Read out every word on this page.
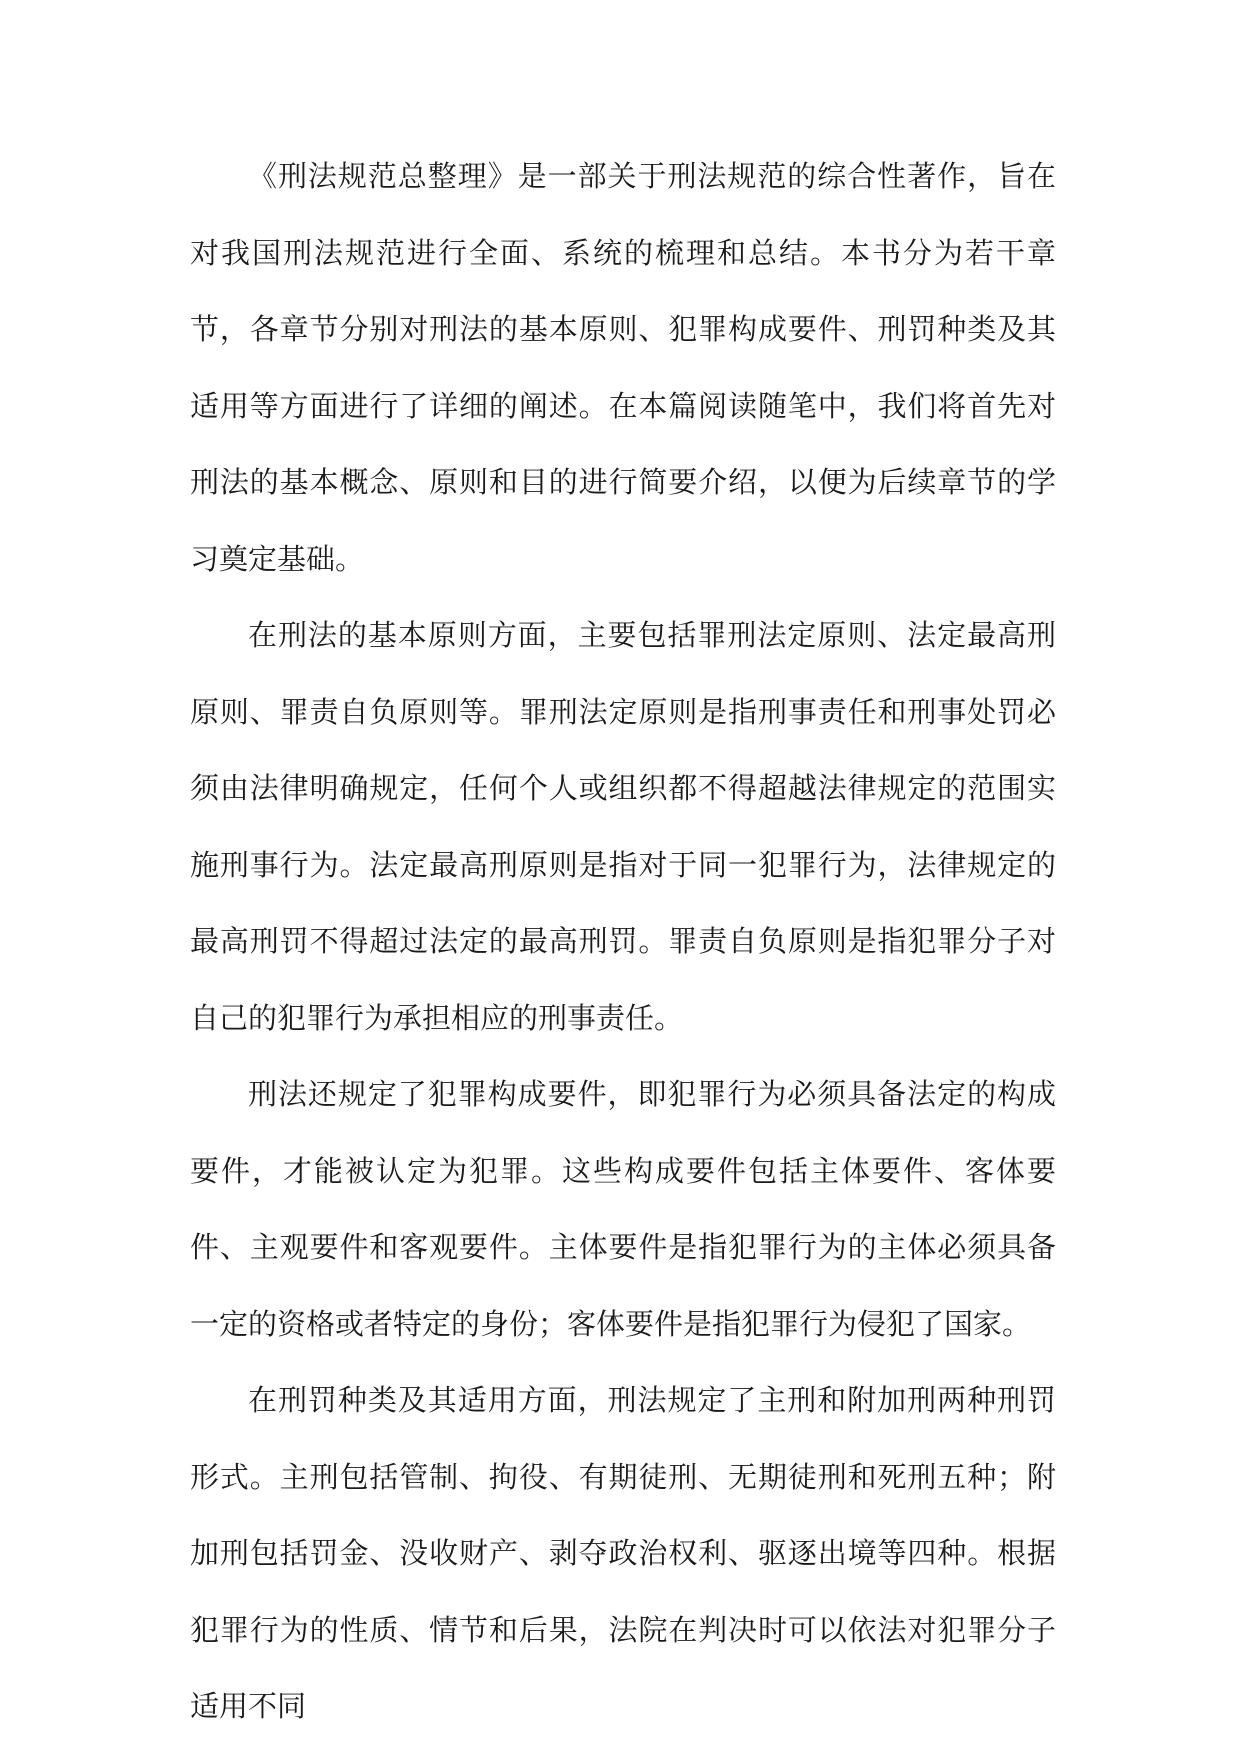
《刑法规范总整理》是一部关于刑法规范的综合性著作，旨在对我国刑法规范进行全面、系统的梳理和总结。本书分为若干章节，各章节分别对刑法的基本原则、犯罪构成要件、刑罚种类及其适用等方面进行了详细的阐述。在本篇阅读随笔中，我们将首先对刑法的基本概念、原则和目的进行简要介绍，以便为后续章节的学习奠定基础。

在刑法的基本原则方面，主要包括罪刑法定原则、法定最高刑原则、罪责自负原则等。罪刑法定原则是指刑事责任和刑事处罚必须由法律明确规定，任何个人或组织都不得超越法律规定的范围实施刑事行为。法定最高刑原则是指对于同一犯罪行为，法律规定的最高刑罚不得超过法定的最高刑罚。罪责自负原则是指犯罪分子对自己的犯罪行为承担相应的刑事责任。

刑法还规定了犯罪构成要件，即犯罪行为必须具备法定的构成要件，才能被认定为犯罪。这些构成要件包括主体要件、客体要件、主观要件和客观要件。主体要件是指犯罪行为的主体必须具备一定的资格或者特定的身份；客体要件是指犯罪行为侵犯了国家。

在刑罚种类及其适用方面，刑法规定了主刑和附加刑两种刑罚形式。主刑包括管制、拘役、有期徒刑、无期徒刑和死刑五种；附加刑包括罚金、没收财产、剥夺政治权利、驱逐出境等四种。根据犯罪行为的性质、情节和后果，法院在判决时可以依法对犯罪分子适用不同
